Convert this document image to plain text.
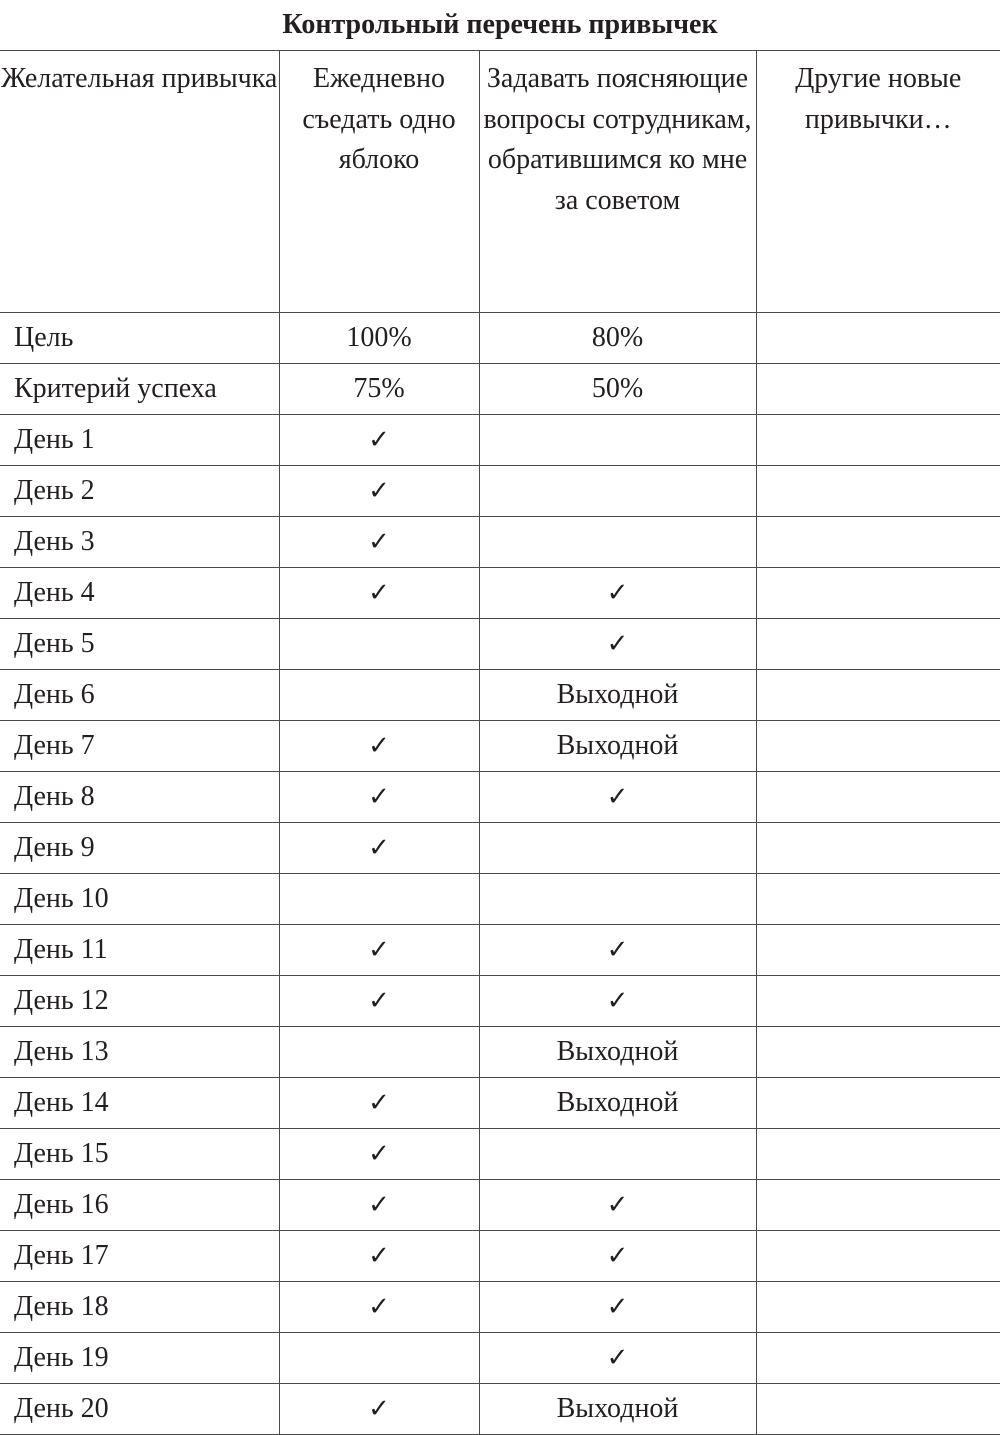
Контрольный перечень привычек			
Желательная привычка	Ежедневно съедать одно яблоко	Задавать поясняющие вопросы сотрудникам, обратившимся ко мне за советом	Другие новые привычки…
Цель	100%	80%	
Критерий успеха	75%	50%	
День 1	✓		
День 2	✓		
День 3	✓		
День 4	✓	✓	
День 5		✓	
День 6		Выходной	
День 7	✓	Выходной	
День 8	✓	✓	
День 9	✓		
День 10			
День 11	✓	✓	
День 12	✓	✓	
День 13		Выходной	
День 14	✓	Выходной	
День 15	✓		
День 16	✓	✓	
День 17	✓	✓	
День 18	✓	✓	
День 19		✓	
День 20	✓	Выходной	
